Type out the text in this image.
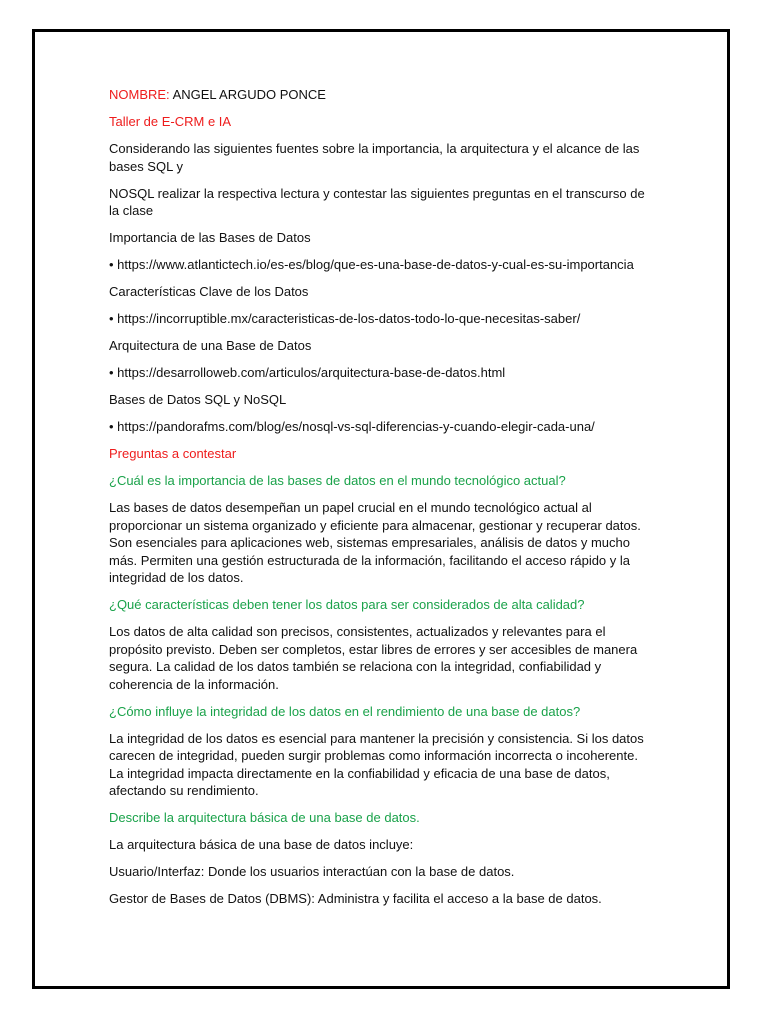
NOMBRE: ANGEL ARGUDO PONCE

Taller de E-CRM e IA

Considerando las siguientes fuentes sobre la importancia, la arquitectura y el alcance de las bases SQL y

NOSQL realizar la respectiva lectura y contestar las siguientes preguntas en el transcurso de la clase

Importancia de las Bases de Datos

• https://www.atlantictech.io/es-es/blog/que-es-una-base-de-datos-y-cual-es-su-importancia

Características Clave de los Datos

• https://incorruptible.mx/caracteristicas-de-los-datos-todo-lo-que-necesitas-saber/

Arquitectura de una Base de Datos

• https://desarrolloweb.com/articulos/arquitectura-base-de-datos.html

Bases de Datos SQL y NoSQL

• https://pandorafms.com/blog/es/nosql-vs-sql-diferencias-y-cuando-elegir-cada-una/

Preguntas a contestar

¿Cuál es la importancia de las bases de datos en el mundo tecnológico actual?

Las bases de datos desempeñan un papel crucial en el mundo tecnológico actual al proporcionar un sistema organizado y eficiente para almacenar, gestionar y recuperar datos. Son esenciales para aplicaciones web, sistemas empresariales, análisis de datos y mucho más. Permiten una gestión estructurada de la información, facilitando el acceso rápido y la integridad de los datos.

¿Qué características deben tener los datos para ser considerados de alta calidad?

Los datos de alta calidad son precisos, consistentes, actualizados y relevantes para el propósito previsto. Deben ser completos, estar libres de errores y ser accesibles de manera segura. La calidad de los datos también se relaciona con la integridad, confiabilidad y coherencia de la información.

¿Cómo influye la integridad de los datos en el rendimiento de una base de datos?

La integridad de los datos es esencial para mantener la precisión y consistencia. Si los datos carecen de integridad, pueden surgir problemas como información incorrecta o incoherente. La integridad impacta directamente en la confiabilidad y eficacia de una base de datos, afectando su rendimiento.

Describe la arquitectura básica de una base de datos.

La arquitectura básica de una base de datos incluye:

Usuario/Interfaz: Donde los usuarios interactúan con la base de datos.

Gestor de Bases de Datos (DBMS): Administra y facilita el acceso a la base de datos.
